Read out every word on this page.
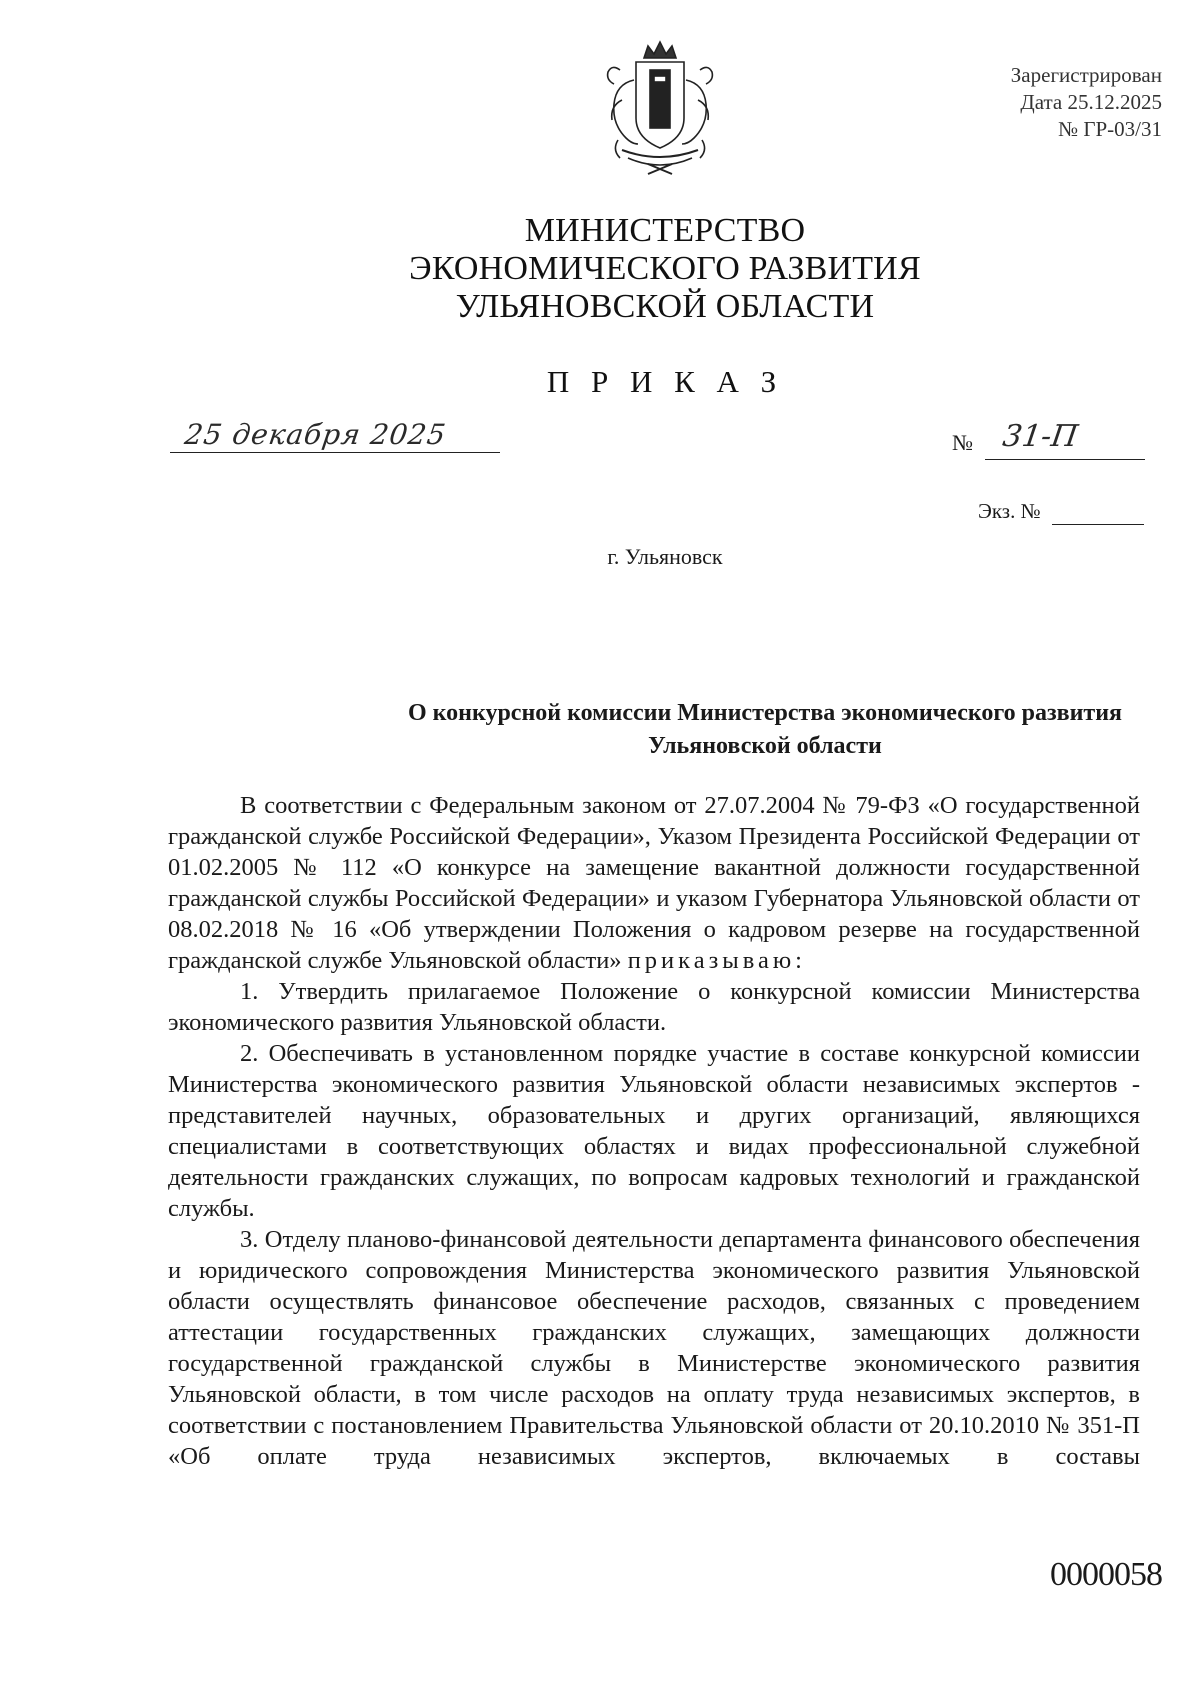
Зарегистрирован
Дата 25.12.2025
№ ГР-03/31
МИНИСТЕРСТВО
ЭКОНОМИЧЕСКОГО РАЗВИТИЯ
УЛЬЯНОВСКОЙ ОБЛАСТИ
П Р И К А З
25 декабря 2025	№ 31-П
Экз. №
г. Ульяновск
О конкурсной комиссии Министерства экономического развития
Ульяновской области

В соответствии с Федеральным законом от 27.07.2004 № 79-ФЗ «О государственной гражданской службе Российской Федерации», Указом Президента Российской Федерации от 01.02.2005 № 112 «О конкурсе на замещение вакантной должности государственной гражданской службы Российской Федерации» и указом Губернатора Ульяновской области от 08.02.2018 № 16 «Об утверждении Положения о кадровом резерве на государственной гражданской службе Ульяновской области» приказываю:

1. Утвердить прилагаемое Положение о конкурсной комиссии Министерства экономического развития Ульяновской области.

2. Обеспечивать в установленном порядке участие в составе конкурсной комиссии Министерства экономического развития Ульяновской области независимых экспертов - представителей научных, образовательных и других организаций, являющихся специалистами в соответствующих областях и видах профессиональной служебной деятельности гражданских служащих, по вопросам кадровых технологий и гражданской службы.

3. Отделу планово-финансовой деятельности департамента финансового обеспечения и юридического сопровождения Министерства экономического развития Ульяновской области осуществлять финансовое обеспечение расходов, связанных с проведением аттестации государственных гражданских служащих, замещающих должности государственной гражданской службы в Министерстве экономического развития Ульяновской области, в том числе расходов на оплату труда независимых экспертов, в соответствии с постановлением Правительства Ульяновской области от 20.10.2010 № 351-П «Об оплате труда независимых экспертов, включаемых в составы

0000058
